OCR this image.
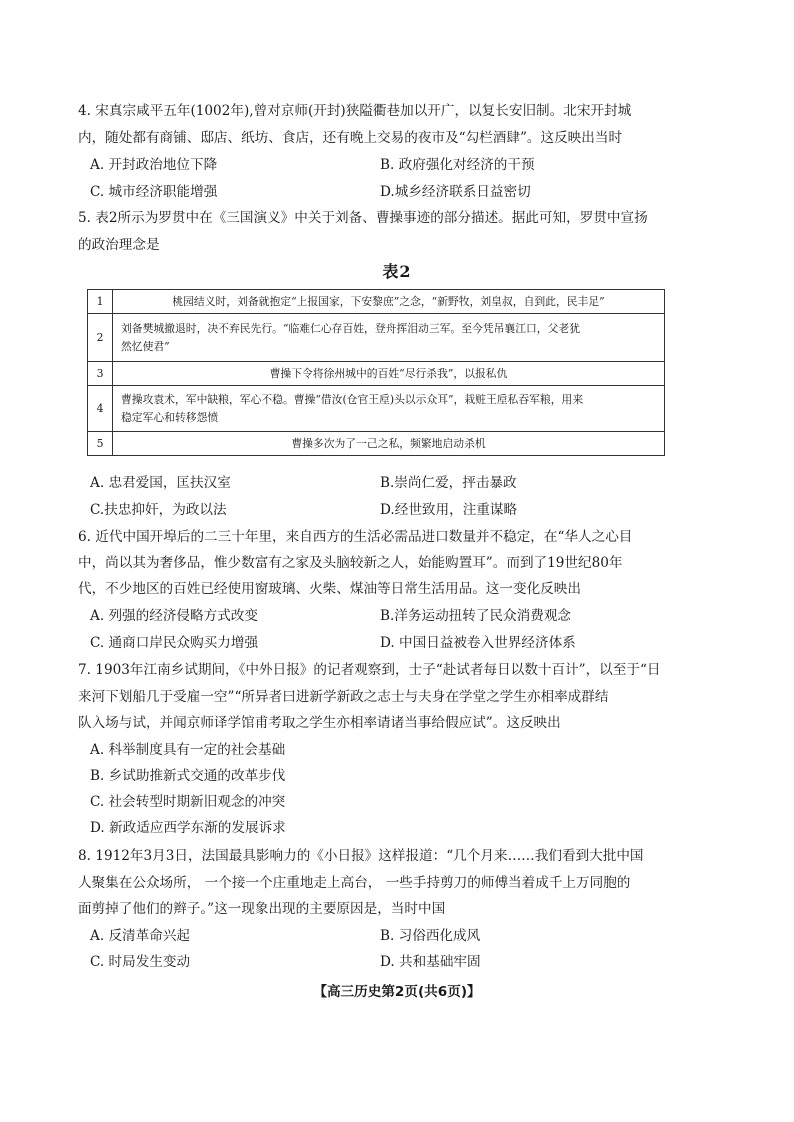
4. 宋真宗咸平五年(1002年),曾对京师(开封)狭隘衢巷加以开广，以复长安旧制。北宋开封城
内，随处都有商铺、邸店、纸坊、食店，还有晚上交易的夜市及“勾栏酒肆”。这反映出当时
A. 开封政治地位下降	B. 政府强化对经济的干预
C. 城市经济职能增强	D.城乡经济联系日益密切
5. 表2所示为罗贯中在《三国演义》中关于刘备、曹操事迹的部分描述。据此可知，罗贯中宣扬
的政治理念是
表2
1	桃园结义时，刘备就抱定“上报国家，下安黎庶”之念，“新野牧，刘皇叔，自到此，民丰足”
2	刘备樊城撤退时，决不弃民先行。“临难仁心存百姓，登舟挥泪动三军。至今凭吊襄江口，父老犹
然忆使君”

3	曹操下令将徐州城中的百姓“尽行杀我”，以报私仇
4	曹操攻袁术，军中缺粮，军心不稳。曹操“借汝(仓官王垕)头以示众耳”，栽赃王垕私吞军粮，用来
稳定军心和转移怨愤

5	曹操多次为了一己之私，频繁地启动杀机
A. 忠君爱国，匡扶汉室	B.崇尚仁爱，抨击暴政
C.扶忠抑奸，为政以法	D.经世致用，注重谋略
6. 近代中国开埠后的二三十年里，来自西方的生活必需品进口数量并不稳定，在“华人之心目
中，尚以其为奢侈品，惟少数富有之家及头脑较新之人，始能购置耳”。而到了19世纪80年
代，不少地区的百姓已经使用窗玻璃、火柴、煤油等日常生活用品。这一变化反映出
A. 列强的经济侵略方式改变	B.洋务运动扭转了民众消费观念
C. 通商口岸民众购买力增强	D. 中国日益被卷入世界经济体系
7. 1903年江南乡试期间，《中外日报》的记者观察到，士子“赴试者每日以数十百计”，以至于“日
来河下划船几于受雇一空”“所异者曰进新学新政之志士与夫身在学堂之学生亦相率成群结
队入场与试，并闻京师译学馆甫考取之学生亦相率请诸当事给假应试”。这反映出
A. 科举制度具有一定的社会基础
B. 乡试助推新式交通的改革步伐
C. 社会转型时期新旧观念的冲突
D. 新政适应西学东渐的发展诉求
8. 1912年3月3日，法国最具影响力的《小日报》这样报道：“几个月来……我们看到大批中国
人聚集在公众场所， 一个接一个庄重地走上高台， 一些手持剪刀的师傅当着成千上万同胞的
面剪掉了他们的辫子。”这一现象出现的主要原因是，当时中国
A. 反清革命兴起	B. 习俗西化成风
C. 时局发生变动	D. 共和基础牢固
【高三历史第2页(共6页)】
